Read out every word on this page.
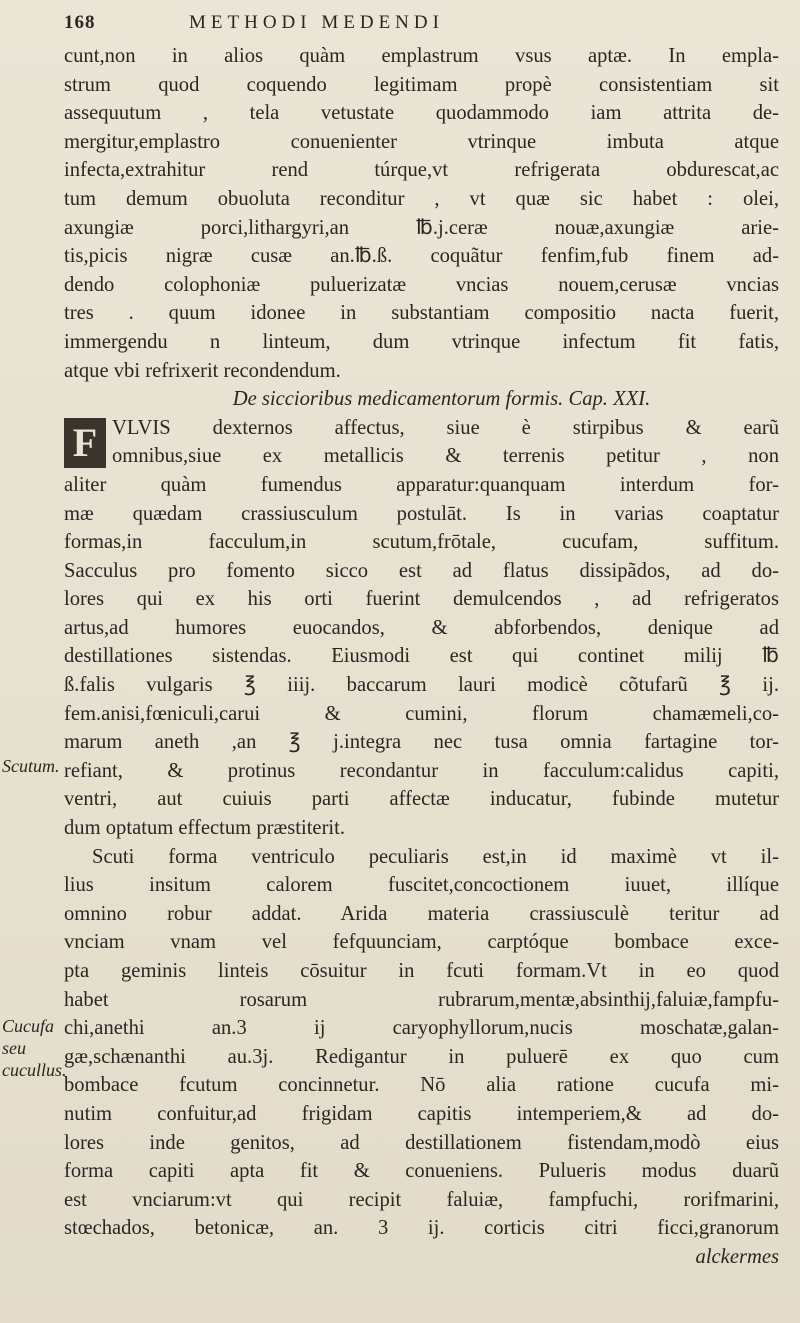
168	METHODI MEDENDI
Scutum.
Cucufa seu cucullus.
cunt,non in alios quàm emplastrum vsus aptæ. In empla-
strum quod coquendo legitimam propè consistentiam sit
assequutum , tela vetustate quodammodo iam attrita de-
mergitur,emplastro conuenienter vtrinque imbuta atque
infecta,extrahitur rend túrque,vt refrigerata obdurescat,ac
tum demum obuoluta reconditur , vt quæ sic habet : olei,
axungiæ porci,lithargyri,an ℔.j.ceræ nouæ,axungiæ arie-
tis,picis nigræ cusæ an.℔.ß. coquãtur fenfim,fub finem ad-
dendo colophoniæ puluerizatæ vncias nouem,cerusæ vncias
tres . quum idonee in substantiam compositio nacta fuerit,
immergendu n linteum, dum vtrinque infectum fit fatis,
atque vbi refrixerit recondendum.
De siccioribus medicamentorum formis. Cap. XXI.
F VLVIS dexternos affectus, siue è stirpibus & earũ
omnibus,siue ex metallicis & terrenis petitur , non
aliter quàm fumendus apparatur:quanquam interdum for-
mæ quædam crassiusculum postulāt. Is in varias coaptatur
formas,in facculum,in scutum,frōtale, cucufam, suffitum.
Sacculus pro fomento sicco est ad flatus dissipãdos, ad do-
lores qui ex his orti fuerint demulcendos , ad refrigeratos
artus,ad humores euocandos, & abforbendos, denique ad
destillationes sistendas. Eiusmodi est qui continet milij ℔
ß.falis vulgaris ℥ iiij. baccarum lauri modicè cõtufarũ ℥ ij.
fem.anisi,fœniculi,carui & cumini, florum chamæmeli,co-
marum aneth ,an ℥ j.integra nec tusa omnia fartagine tor-
refiant, & protinus recondantur in facculum:calidus capiti,
ventri, aut cuiuis parti affectæ inducatur, fubinde mutetur
dum optatum effectum præstiterit.
Scuti forma ventriculo peculiaris est,in id maximè vt il-
lius insitum calorem fuscitet,concoctionem iuuet, illíque
omnino robur addat. Arida materia crassiusculè teritur ad
vnciam vnam vel fefquunciam, carptóque bombace exce-
pta geminis linteis cōsuitur in fcuti formam.Vt in eo quod
habet rosarum rubrarum,mentæ,absinthij,faluiæ,fampfu-
chi,anethi an.3 ij caryophyllorum,nucis moschatæ,galan-
gæ,schænanthi au.3j. Redigantur in puluerē ex quo cum
bombace fcutum concinnetur. Nō alia ratione cucufa mi-
nutim confuitur,ad frigidam capitis intemperiem,& ad do-
lores inde genitos, ad destillationem fistendam,modò eius
forma capiti apta fit & conueniens. Pulueris modus duarũ
est vnciarum:vt qui recipit faluiæ, fampfuchi, rorifmarini,
stœchados, betonicæ, an. 3 ij. corticis citri ficci,granorum
alckermes
